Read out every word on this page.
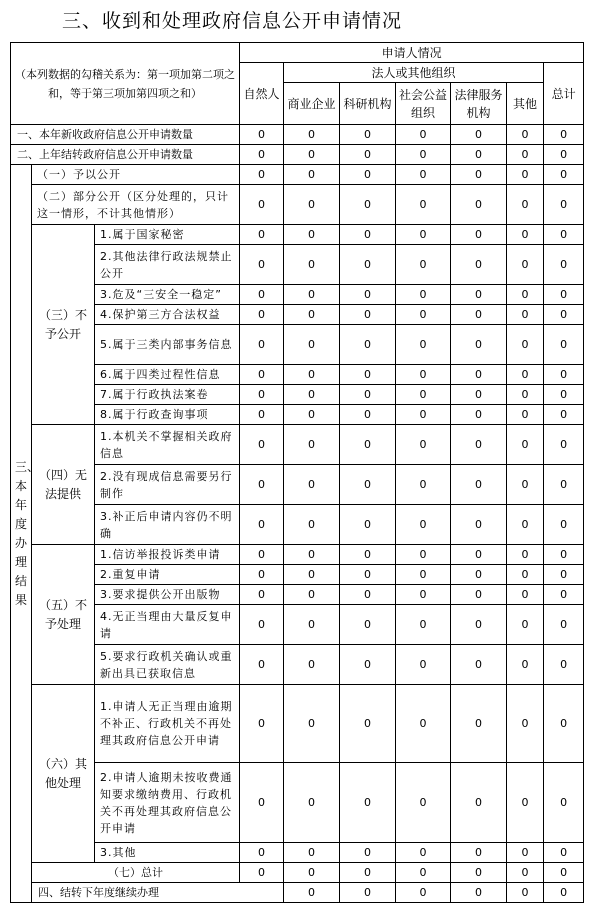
三、收到和处理政府信息公开申请情况
（本列数据的勾稽关系为：第一项加第二项之和，等于第三项加第四项之和）			申请人情况							
			自然人	法人或其他组织					总计	
				商业企业	科研机构	社会公益组织	法律服务机构	其他		
一、本年新收政府信息公开申请数量			0	0	0	0	0	0	0	
二、上年结转政府信息公开申请数量			0	0	0	0	0	0	0	
三、本年度办理结果	（一）予以公开		0	0	0	0	0	0	0	
	（二）部分公开（区分处理的，只计这一情形，不计其他情形）		0	0	0	0	0	0	0	
	（三）不予公开	1.属于国家秘密	0	0	0	0	0	0	0	
		2.其他法律行政法规禁止公开	0	0	0	0	0	0	0	
		3.危及“三安全一稳定”	0	0	0	0	0	0	0	
		4.保护第三方合法权益	0	0	0	0	0	0	0	
		5.属于三类内部事务信息	0	0	0	0	0	0	0	
		6.属于四类过程性信息	0	0	0	0	0	0	0	
		7.属于行政执法案卷	0	0	0	0	0	0	0	
		8.属于行政查询事项	0	0	0	0	0	0	0	
	（四）无法提供	1.本机关不掌握相关政府信息	0	0	0	0	0	0	0	
		2.没有现成信息需要另行制作	0	0	0	0	0	0	0	
		3.补正后申请内容仍不明确	0	0	0	0	0	0	0	
	（五）不予处理	1.信访举报投诉类申请	0	0	0	0	0	0	0	
		2.重复申请	0	0	0	0	0	0	0	
		3.要求提供公开出版物	0	0	0	0	0	0	0	
		4.无正当理由大量反复申请	0	0	0	0	0	0	0	
		5.要求行政机关确认或重新出具已获取信息	0	0	0	0	0	0	0	
	（六）其他处理	1.申请人无正当理由逾期不补正、行政机关不再处理其政府信息公开申请	0	0	0	0	0	0	0	
		2.申请人逾期未按收费通知要求缴纳费用、行政机关不再处理其政府信息公开申请	0	0	0	0	0	0	0	
		3.其他	0	0	0	0	0	0	0	
	（七）总计		0	0	0	0	0	0	0	
	四、结转下年度继续办理			0	0	0	0	0	0	
